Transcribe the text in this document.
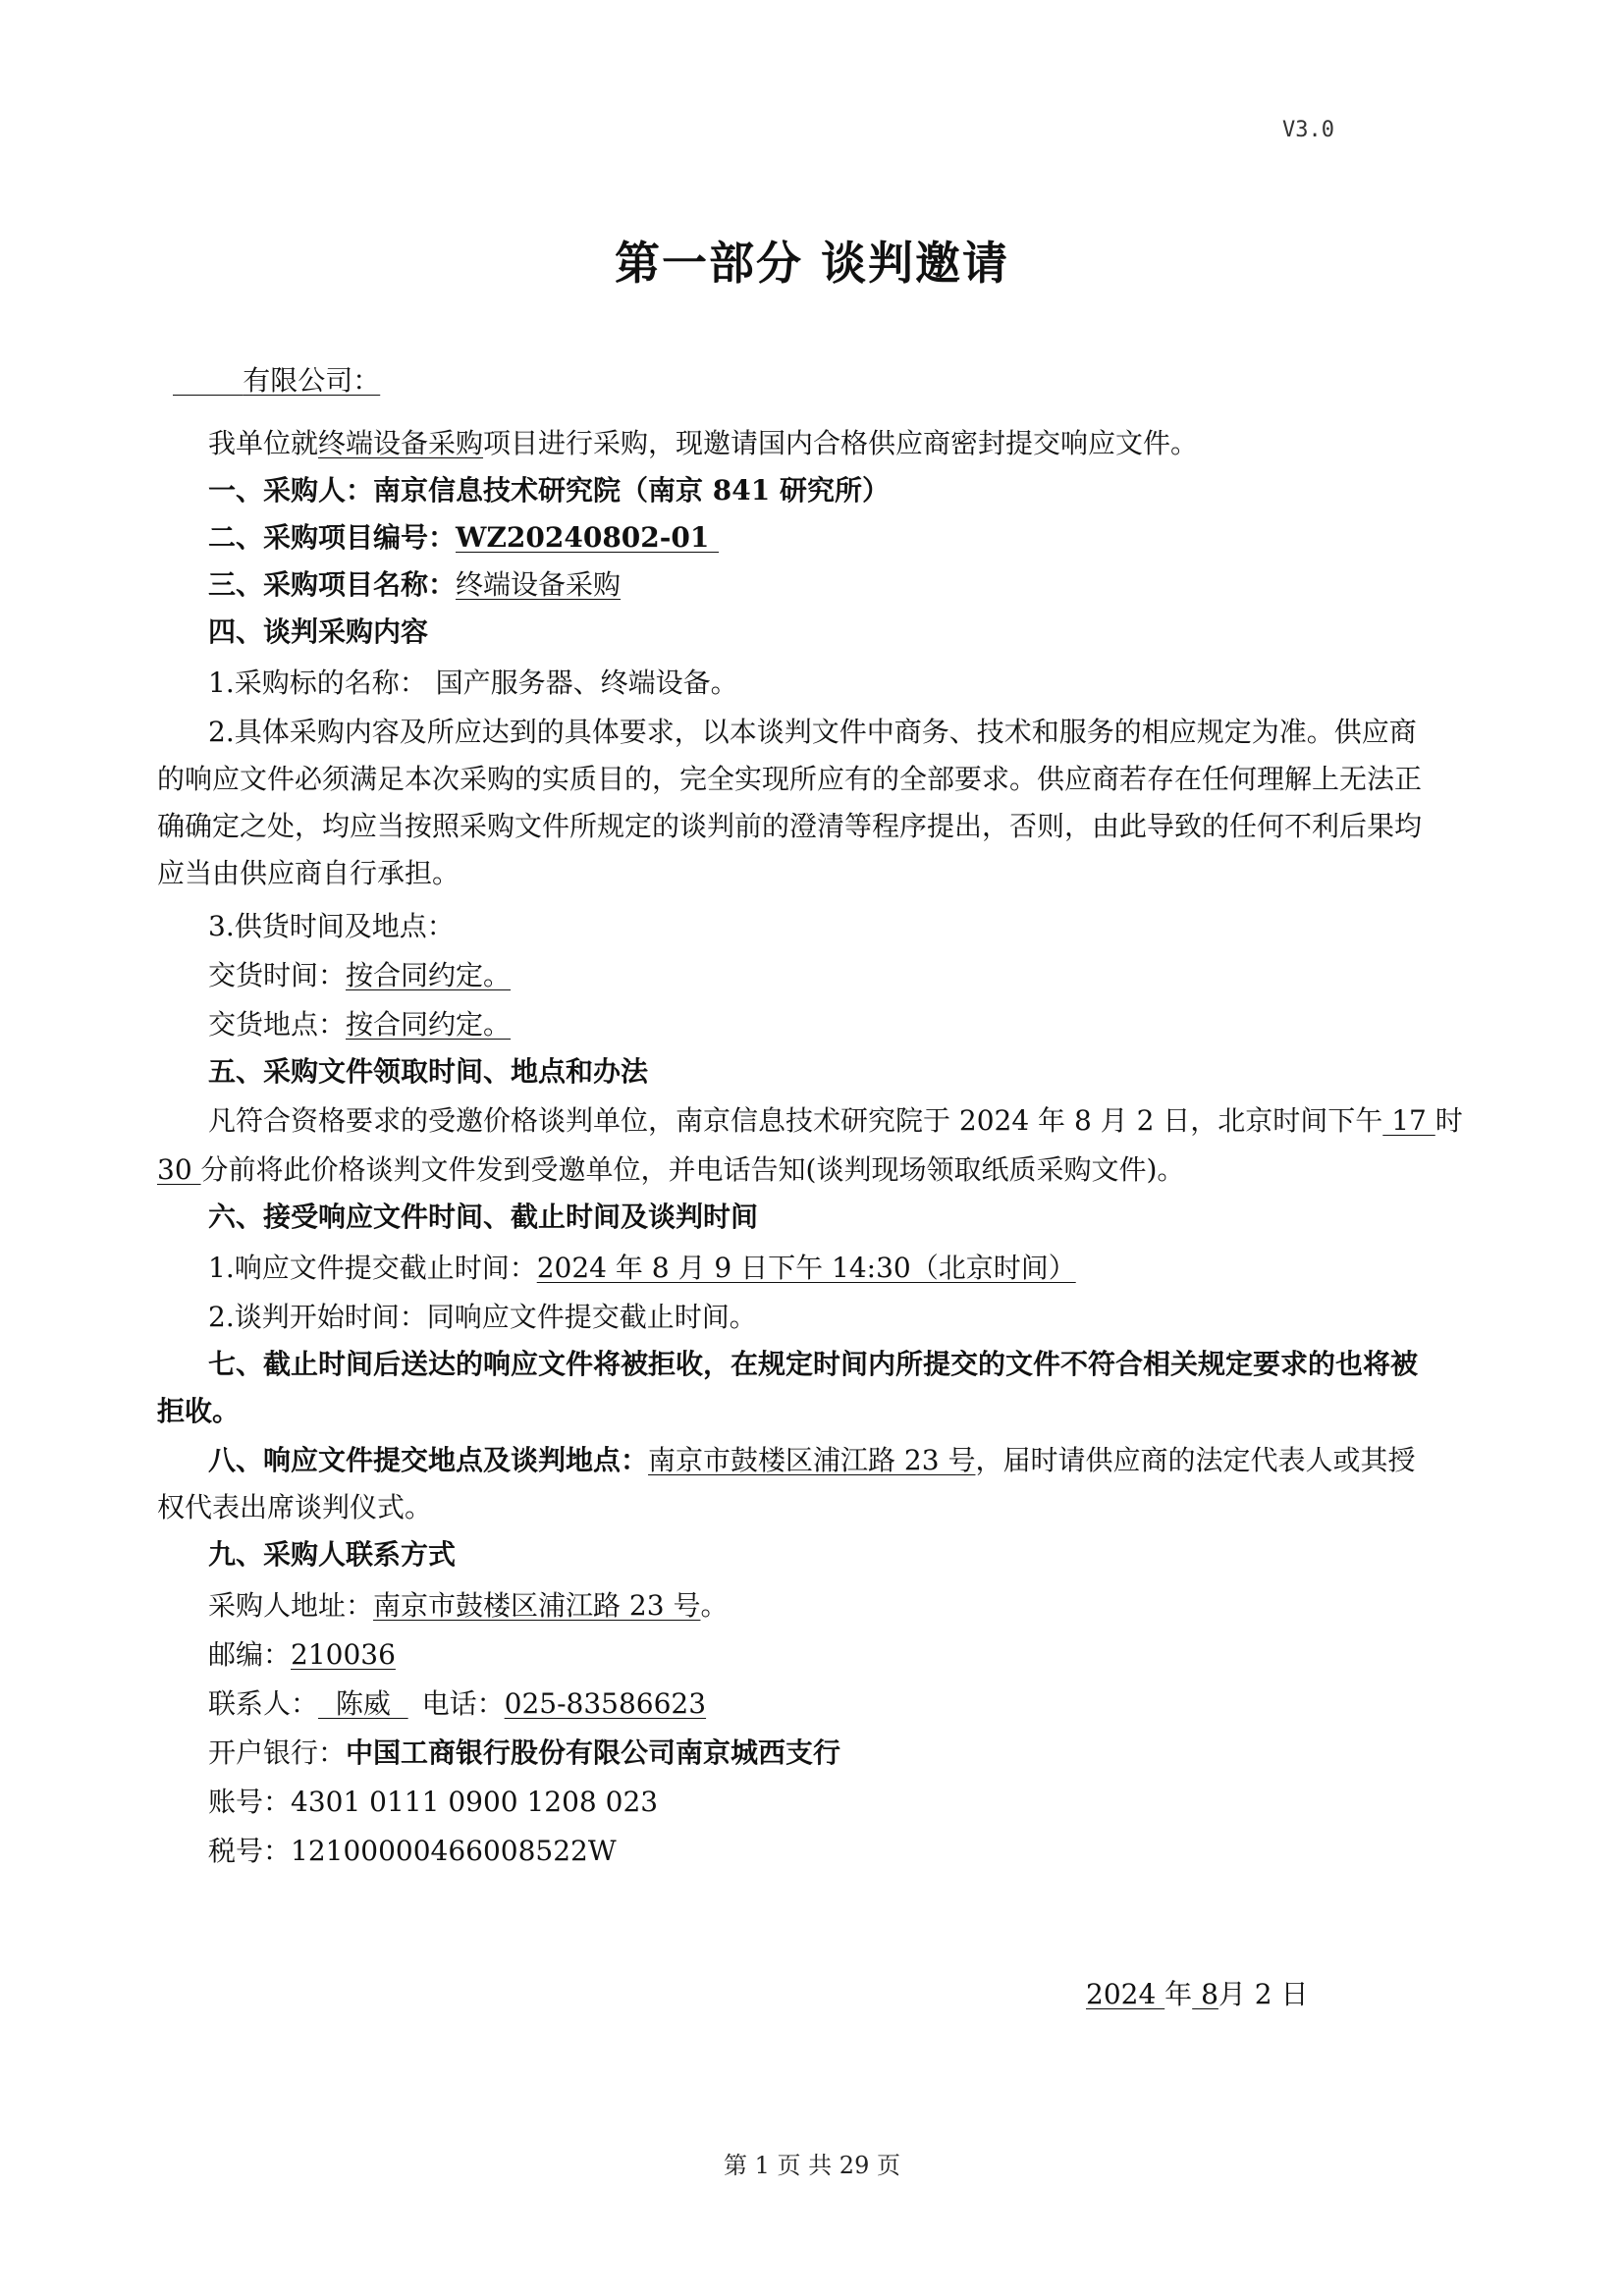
V3.0
第一部分 谈判邀请
有限公司：
我单位就终端设备采购项目进行采购，现邀请国内合格供应商密封提交响应文件。
一、采购人：南京信息技术研究院（南京 841 研究所）
二、采购项目编号：WZ20240802-01
三、采购项目名称：终端设备采购
四、谈判采购内容
1.采购标的名称： 国产服务器、终端设备。
2.具体采购内容及所应达到的具体要求，以本谈判文件中商务、技术和服务的相应规定为准。供应商
的响应文件必须满足本次采购的实质目的，完全实现所应有的全部要求。供应商若存在任何理解上无法正
确确定之处，均应当按照采购文件所规定的谈判前的澄清等程序提出，否则，由此导致的任何不利后果均
应当由供应商自行承担。
3.供货时间及地点：
交货时间：按合同约定。
交货地点：按合同约定。
五、采购文件领取时间、地点和办法
凡符合资格要求的受邀价格谈判单位，南京信息技术研究院于 2024 年 8 月 2 日，北京时间下午 17 时
30 分前将此价格谈判文件发到受邀单位，并电话告知(谈判现场领取纸质采购文件)。
六、接受响应文件时间、截止时间及谈判时间
1.响应文件提交截止时间：2024 年 8 月 9 日下午 14:30（北京时间）
2.谈判开始时间：同响应文件提交截止时间。
七、截止时间后送达的响应文件将被拒收，在规定时间内所提交的文件不符合相关规定要求的也将被
拒收。
八、响应文件提交地点及谈判地点：南京市鼓楼区浦江路 23 号，届时请供应商的法定代表人或其授
权代表出席谈判仪式。
九、采购人联系方式
采购人地址：南京市鼓楼区浦江路 23 号。
邮编：210036
联系人：  陈威  电话：025-83586623
开户银行：中国工商银行股份有限公司南京城西支行
账号：4301 0111 0900 1208 023
税号：12100000466008522W
2024 年 8月 2 日
第 1 页 共 29 页
